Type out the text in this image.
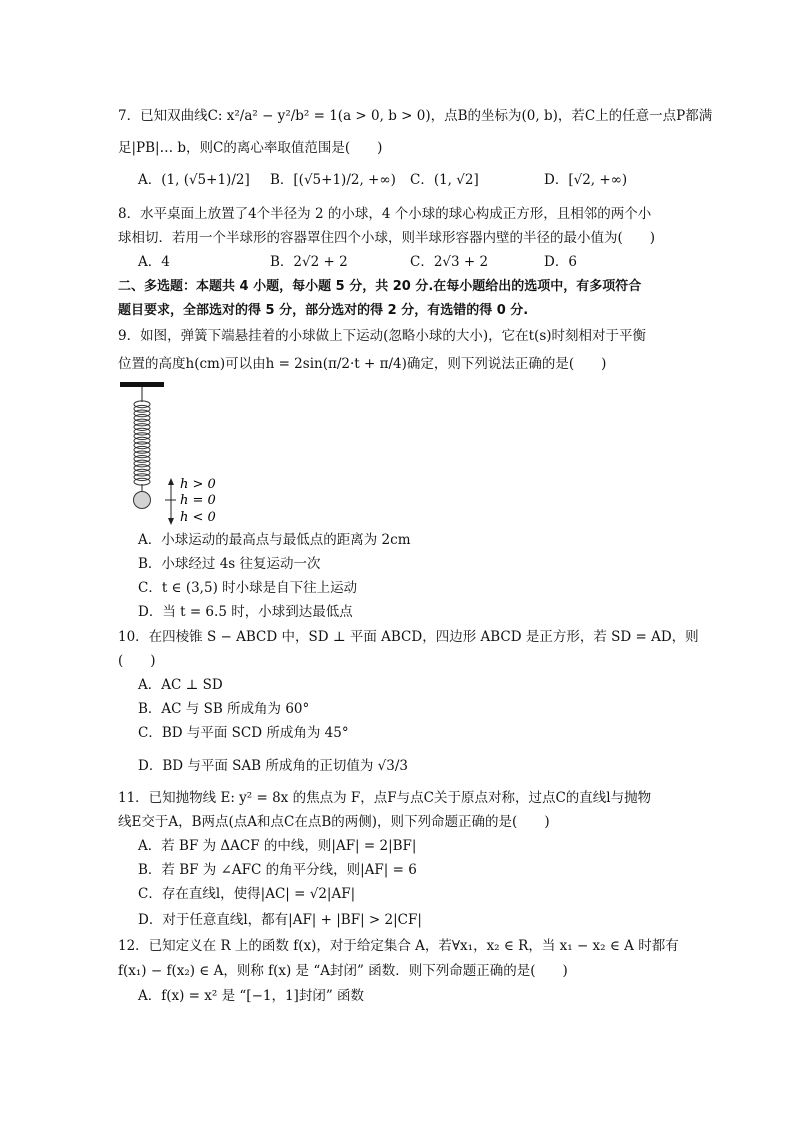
7．已知双曲线C: x²/a² − y²/b² = 1(a > 0, b > 0)，点B的坐标为(0, b)，若C上的任意一点P都满
足|PB|… b，则C的离心率取值范围是(　　)
A．(1, (√5+1)/2] B．[(√5+1)/2, +∞) C．(1, √2]	D．[√2, +∞)
8．水平桌面上放置了4个半径为 2 的小球，4 个小球的球心构成正方形，且相邻的两个小
球相切．若用一个半球形的容器罩住四个小球，则半球形容器内壁的半径的最小值为(　　)
A．4	B．2√2 + 2	C．2√3 + 2	D．6
二、多选题：本题共 4 小题，每小题 5 分，共 20 分.在每小题给出的选项中，有多项符合
题目要求，全部选对的得 5 分，部分选对的得 2 分，有选错的得 0 分.
9．如图，弹簧下端悬挂着的小球做上下运动(忽略小球的大小)，它在t(s)时刻相对于平衡
位置的高度h(cm)可以由h = 2sin(π/2·t + π/4)确定，则下列说法正确的是(　　)
h > 0
h = 0
h < 0
A．小球运动的最高点与最低点的距离为 2cm
B．小球经过 4s 往复运动一次
C．t ∈ (3,5) 时小球是自下往上运动
D．当 t = 6.5 时，小球到达最低点
10．在四棱锥 S − ABCD 中，SD ⊥ 平面 ABCD，四边形 ABCD 是正方形，若 SD = AD，则
(　　)
A．AC ⊥ SD
B．AC 与 SB 所成角为 60°
C．BD 与平面 SCD 所成角为 45°
D．BD 与平面 SAB 所成角的正切值为 √3/3
11．已知抛物线 E: y² = 8x 的焦点为 F，点F与点C关于原点对称，过点C的直线l与抛物
线E交于A，B两点(点A和点C在点B的两侧)，则下列命题正确的是(　　)
A．若 BF 为 ΔACF 的中线，则|AF| = 2|BF|
B．若 BF 为 ∠AFC 的角平分线，则|AF| = 6
C．存在直线l，使得|AC| = √2|AF|
D．对于任意直线l，都有|AF| + |BF| > 2|CF|
12．已知定义在 R 上的函数 f(x)，对于给定集合 A，若∀x₁，x₂ ∈ R，当 x₁ − x₂ ∈ A 时都有
f(x₁) − f(x₂) ∈ A，则称 f(x) 是 “A封闭” 函数．则下列命题正确的是(　　)
A．f(x) = x² 是 “[−1，1]封闭” 函数
